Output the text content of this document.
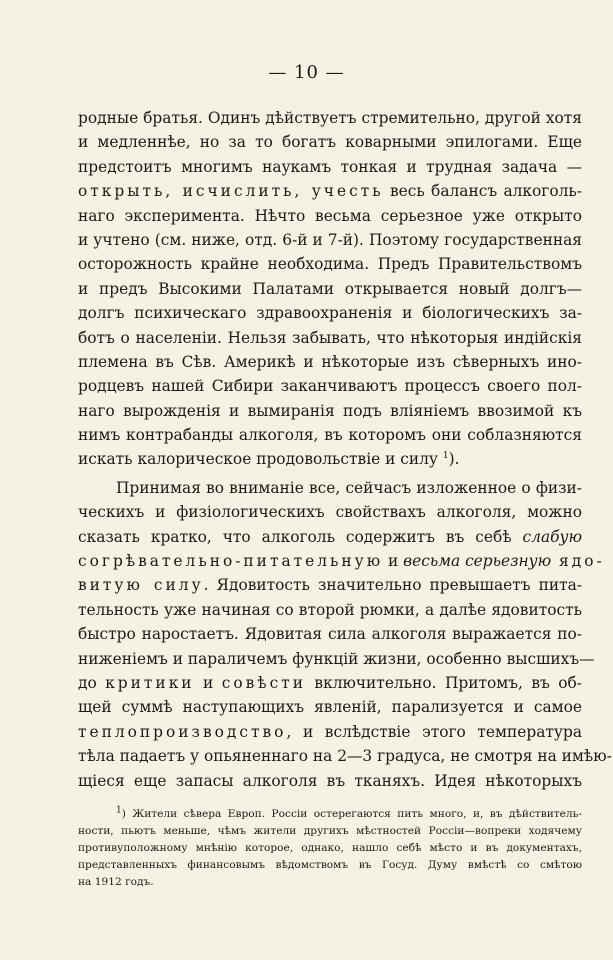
— 10 —
родные братья. Одинъ дѣйствуетъ стремительно, другой хотя
и медленнѣе, но за то богатъ коварными эпилогами. Еще
предстоитъ многимъ наукамъ тонкая и трудная задача —
открыть, исчислить, учесть весь балансъ алкоголь-
наго эксперимента. Нѣчто весьма серьезное уже открыто
и учтено (см. ниже, отд. 6-й и 7-й). Поэтому государственная
осторожность крайне необходима. Предъ Правительствомъ
и предъ Высокими Палатами открывается новый долгъ—
долгъ психическаго здравоохраненія и біологическихъ за-
ботъ о населеніи. Нельзя забывать, что нѣкоторыя индійскія
племена въ Сѣв. Америкѣ и нѣкоторые изъ сѣверныхъ ино-
родцевъ нашей Сибири заканчиваютъ процессъ своего пол-
наго вырожденія и вымиранія подъ вліяніемъ ввозимой къ
нимъ контрабанды алкоголя, въ которомъ они соблазняются
искать калорическое продовольствіе и силу $^1$).
Принимая во вниманіе все, сейчасъ изложенное о физи-
ческихъ и физіологическихъ свойствахъ алкоголя, можно
сказать кратко, что алкоголь содержитъ въ себѣ слабую
согрѣвательно-питательную и весьма серьезную ядо-
витую силу. Ядовитость значительно превышаетъ пита-
тельность уже начиная со второй рюмки, а далѣе ядовитость
быстро наростаетъ. Ядовитая сила алкоголя выражается по-
ниженіемъ и параличемъ функцій жизни, особенно высшихъ—
до критики и совѣсти включительно. Притомъ, въ об-
щей суммѣ наступающихъ явленій, парализуется и самое
теплопроизводство, и вслѣдствіе этого температура
тѣла падаетъ у опьяненнаго на 2—3 градуса, не смотря на имѣю-
щіеся еще запасы алкоголя въ тканяхъ. Идея нѣкоторыхъ
$^1$) Жители сѣвера Европ. Россіи остерегаются пить много, и, въ дѣйствитель-
ности, пьютъ меньше, чѣмъ жители другихъ мѣстностей Россіи—вопреки ходячему
противуположному мнѣнію которое, однако, нашло себѣ мѣсто и въ документахъ,
представленныхъ финансовымъ вѣдомствомъ въ Госуд. Думу вмѣстѣ со смѣтою
на 1912 годъ.
